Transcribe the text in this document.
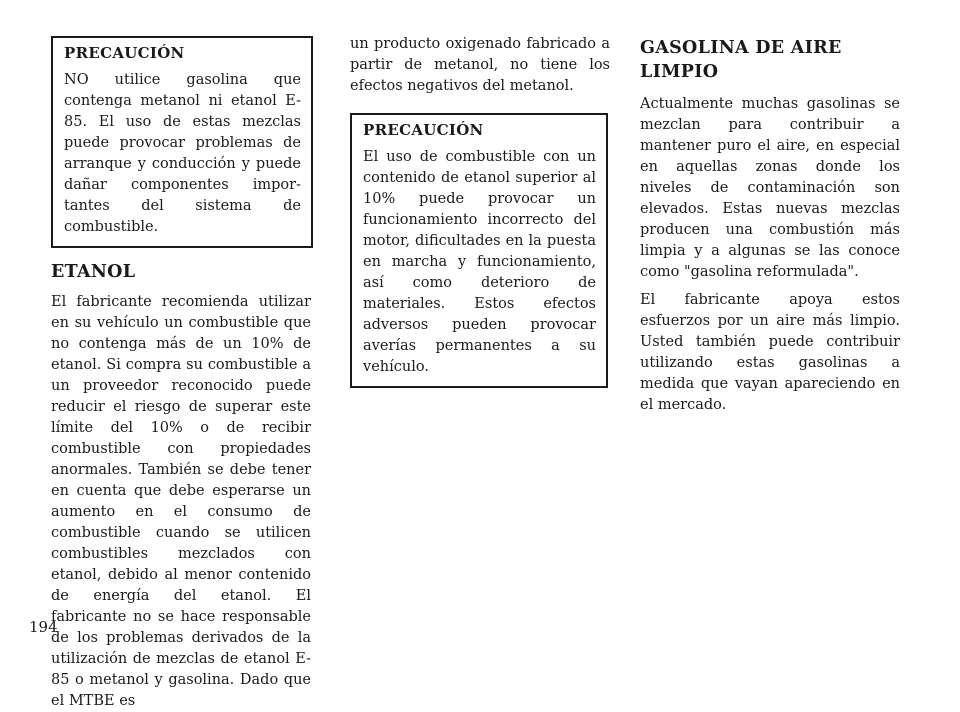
PRECAUCIÓN

NO utilice gasolina que contenga metanol ni etanol E-85. El uso de estas mezclas puede provocar problemas de arranque y conducción y puede dañar componentes importantes del sistema de combustible.

ETANOL

El fabricante recomienda utilizar en su vehículo un combustible que no contenga más de un 10% de etanol. Si compra su combustible a un proveedor reconocido puede reducir el riesgo de superar este límite del 10% o de recibir combustible con propiedades anormales. También se debe tener en cuenta que debe esperarse un aumento en el consumo de combustible cuando se utilicen combustibles mezclados con etanol, debido al menor contenido de energía del etanol. El fabricante no se hace responsable de los problemas derivados de la utilización de mezclas de etanol E-85 o metanol y gasolina. Dado que el MTBE es

un producto oxigenado fabricado a partir de metanol, no tiene los efectos negativos del metanol.

PRECAUCIÓN

El uso de combustible con un contenido de etanol superior al 10% puede provocar un funcionamiento incorrecto del motor, dificultades en la puesta en marcha y funcionamiento, así como deterioro de materiales. Estos efectos adversos pueden provocar averías permanentes a su vehículo.

GASOLINA DE AIRE LIMPIO

Actualmente muchas gasolinas se mezclan para contribuir a mantener puro el aire, en especial en aquellas zonas donde los niveles de contaminación son elevados. Estas nuevas mezclas producen una combustión más limpia y a algunas se las conoce como "gasolina reformulada".

El fabricante apoya estos esfuerzos por un aire más limpio. Usted también puede contribuir utilizando estas gasolinas a medida que vayan apareciendo en el mercado.

194
